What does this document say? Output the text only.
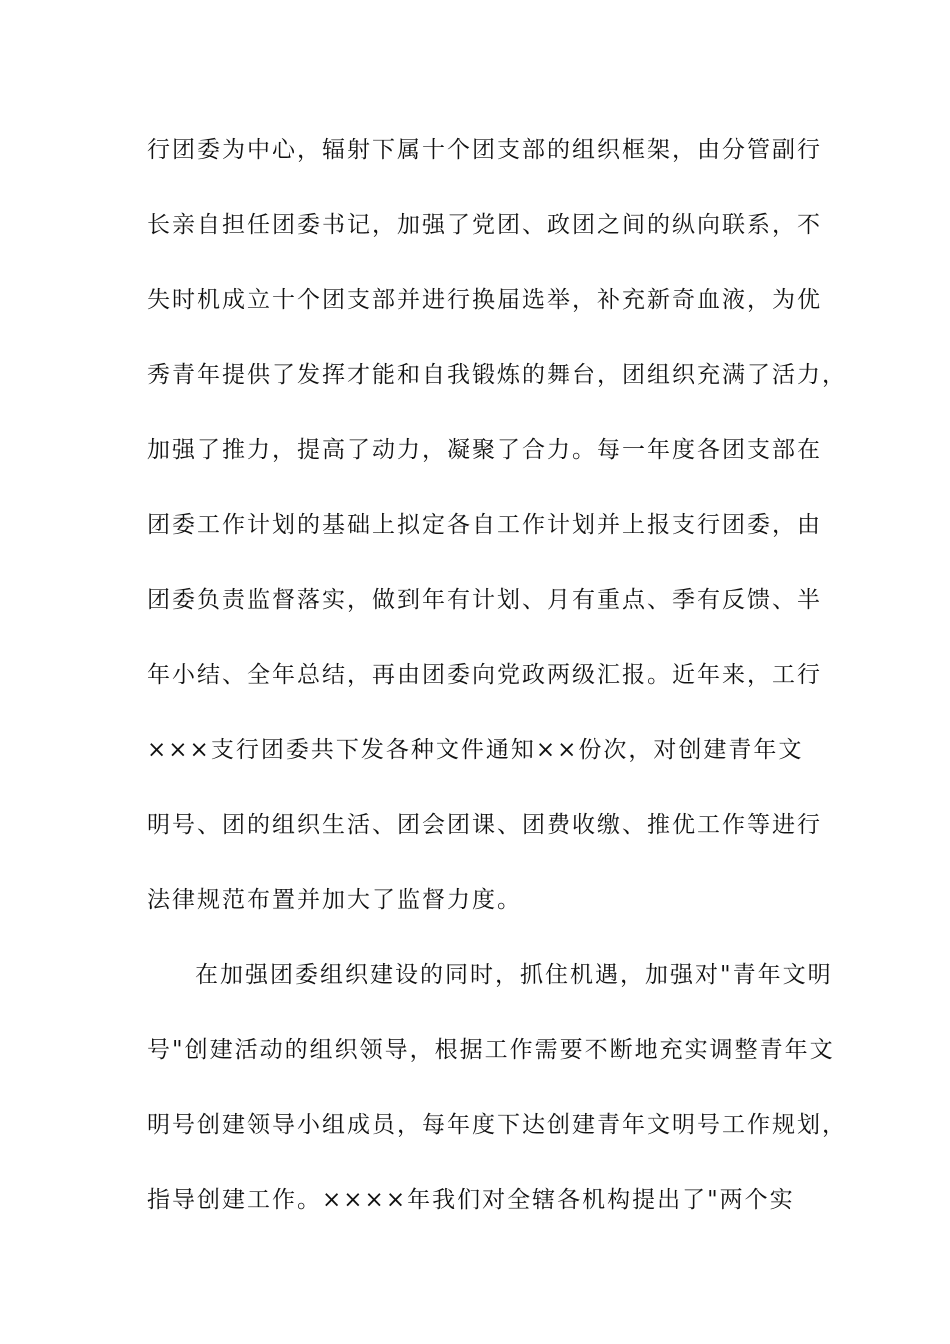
行团委为中心，辐射下属十个团支部的组织框架，由分管副行
长亲自担任团委书记，加强了党团、政团之间的纵向联系，不
失时机成立十个团支部并进行换届选举，补充新奇血液，为优
秀青年提供了发挥才能和自我锻炼的舞台，团组织充满了活力，
加强了推力，提高了动力，凝聚了合力。每一年度各团支部在
团委工作计划的基础上拟定各自工作计划并上报支行团委，由
团委负责监督落实，做到年有计划、月有重点、季有反馈、半
年小结、全年总结，再由团委向党政两级汇报。近年来，工行
×××支行团委共下发各种文件通知××份次，对创建青年文
明号、团的组织生活、团会团课、团费收缴、推优工作等进行
法律规范布置并加大了监督力度。
在加强团委组织建设的同时，抓住机遇，加强对"青年文明
号"创建活动的组织领导，根据工作需要不断地充实调整青年文
明号创建领导小组成员，每年度下达创建青年文明号工作规划，
指导创建工作。××××年我们对全辖各机构提出了"两个实
